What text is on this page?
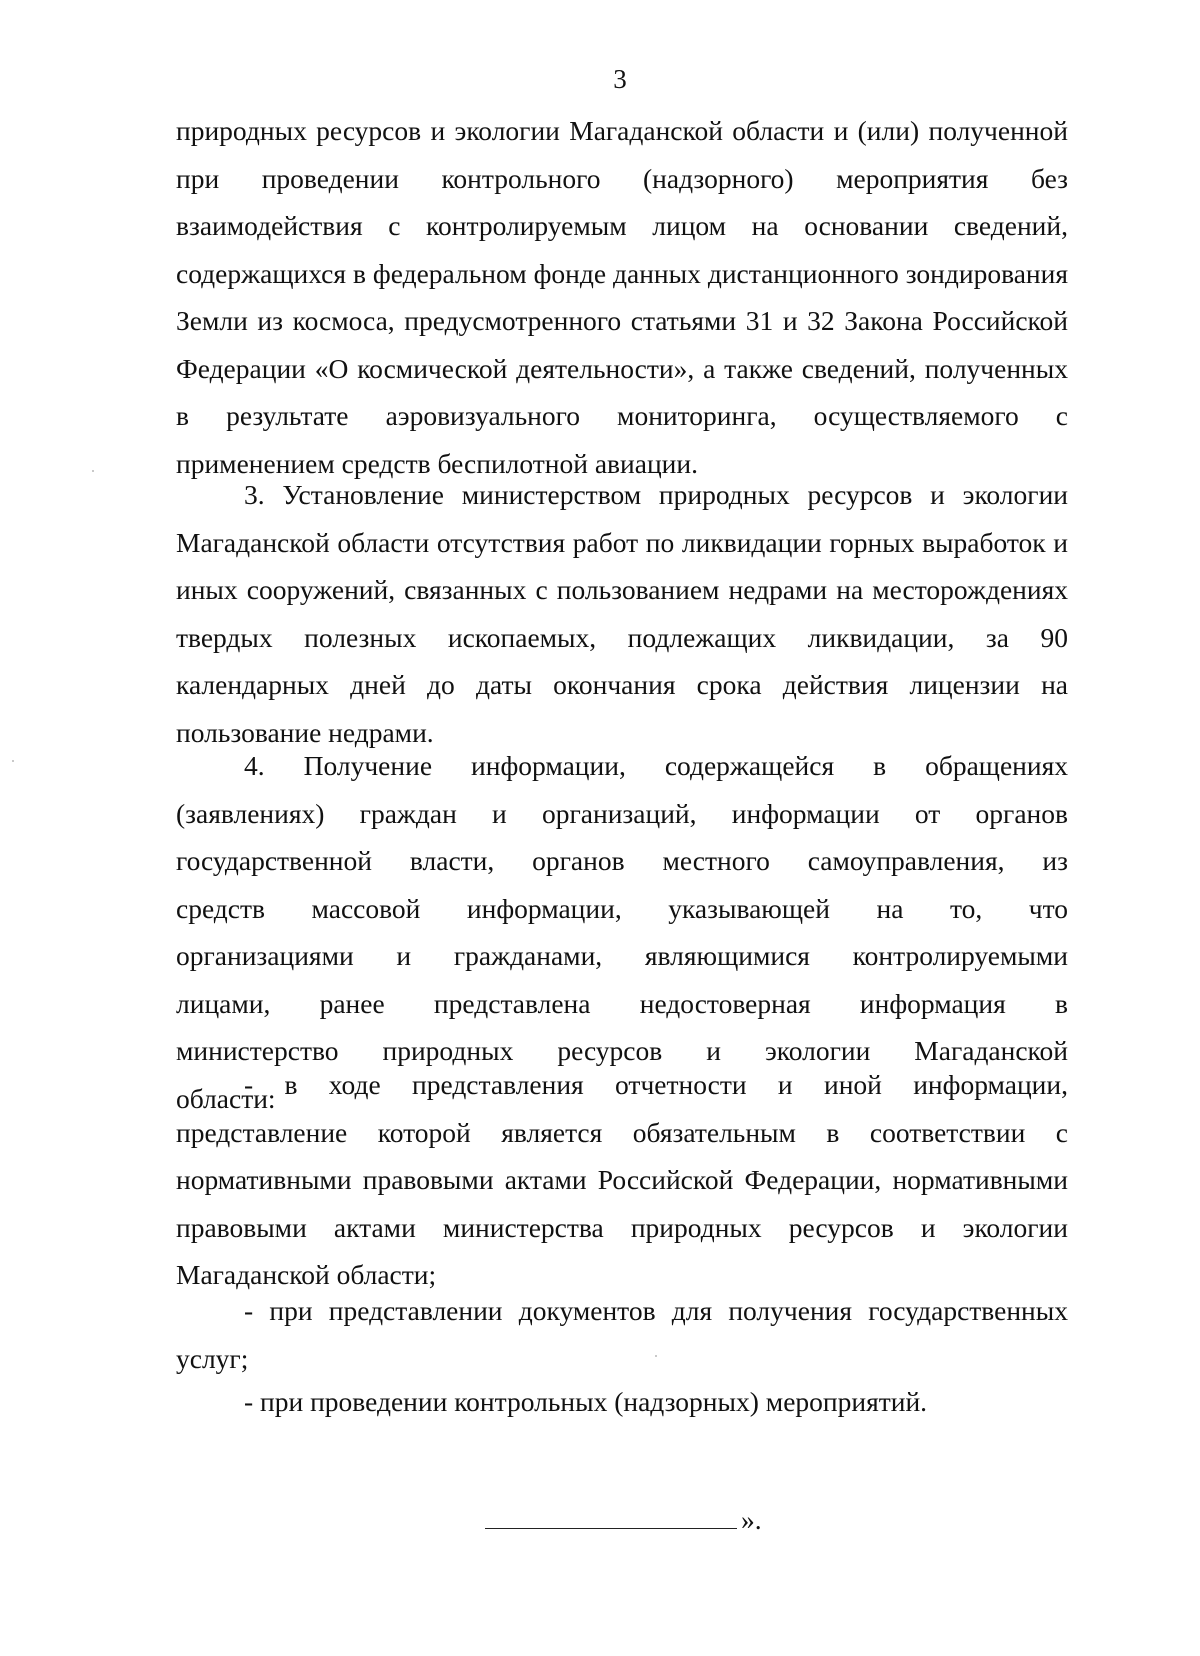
3

природных ресурсов и экологии Магаданской области и (или) полученной при проведении контрольного (надзорного) мероприятия без взаимодействия с контролируемым лицом на основании сведений, содержащихся в федеральном фонде данных дистанционного зондирования Земли из космоса, предусмотренного статьями 31 и 32 Закона Российской Федерации «О космической деятельности», а также сведений, полученных в результате аэровизуального мониторинга, осуществляемого с применением средств беспилотной авиации.

3. Установление министерством природных ресурсов и экологии Магаданской области отсутствия работ по ликвидации горных выработок и иных сооружений, связанных с пользованием недрами на месторождениях твердых полезных ископаемых, подлежащих ликвидации, за 90 календарных дней до даты окончания срока действия лицензии на пользование недрами.

4. Получение информации, содержащейся в обращениях (заявлениях) граждан и организаций, информации от органов государственной власти, органов местного самоуправления, из средств массовой информации, указывающей на то, что организациями и гражданами, являющимися контролируемыми лицами, ранее представлена недостоверная информация в министерство природных ресурсов и экологии Магаданской области:

- в ходе представления отчетности и иной информации, представление которой является обязательным в соответствии с нормативными правовыми актами Российской Федерации, нормативными правовыми актами министерства природных ресурсов и экологии Магаданской области;

- при представлении документов для получения государственных услуг;

- при проведении контрольных (надзорных) мероприятий.

».
